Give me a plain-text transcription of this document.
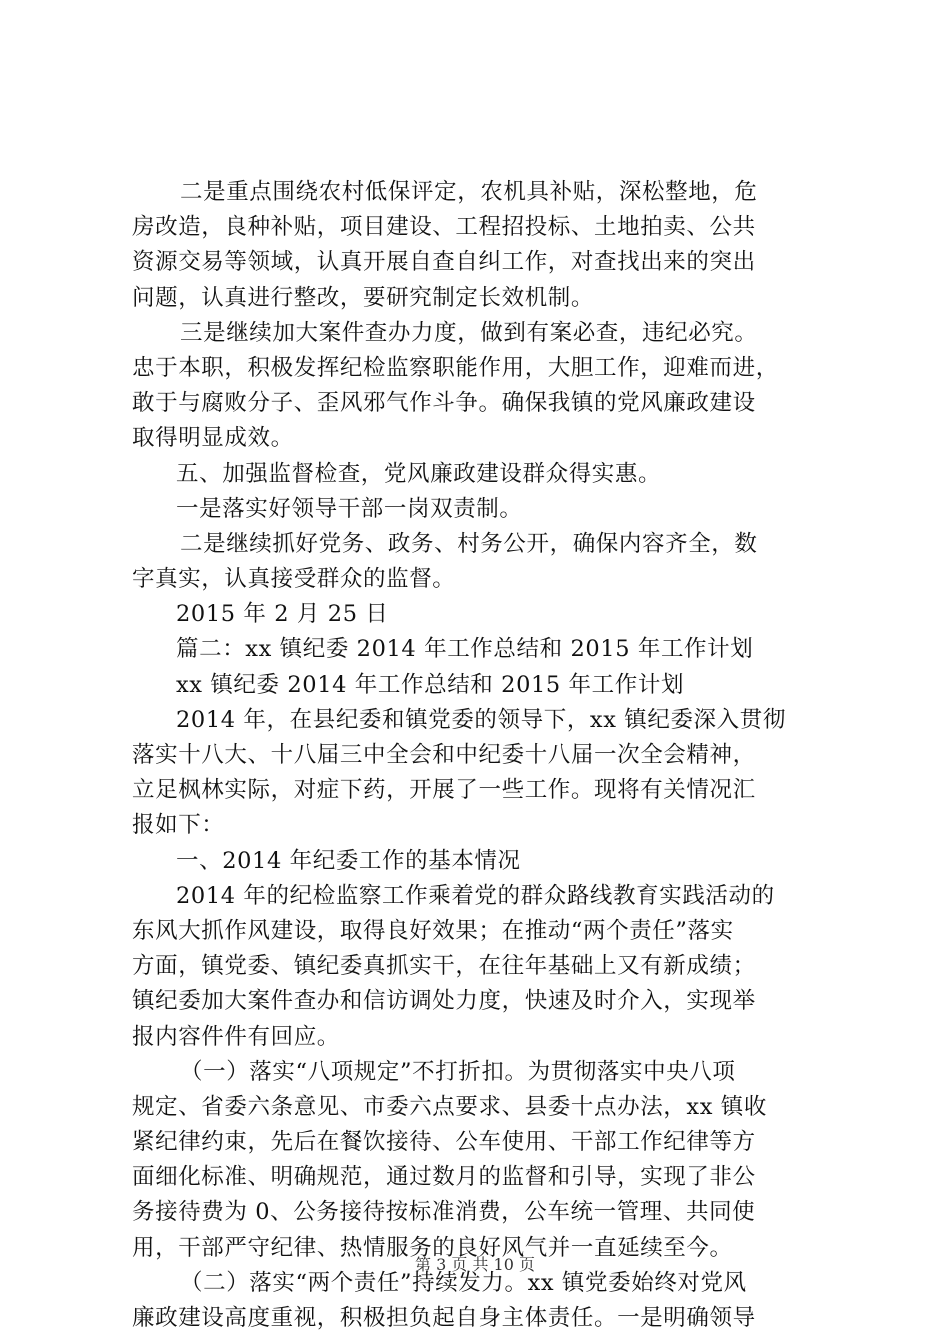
二是重点围绕农村低保评定，农机具补贴，深松整地，危
房改造，良种补贴，项目建设、工程招投标、土地拍卖、公共
资源交易等领域，认真开展自查自纠工作，对查找出来的突出
问题，认真进行整改，要研究制定长效机制。
三是继续加大案件查办力度，做到有案必查，违纪必究。
忠于本职，积极发挥纪检监察职能作用，大胆工作，迎难而进，
敢于与腐败分子、歪风邪气作斗争。确保我镇的党风廉政建设
取得明显成效。
五、加强监督检查，党风廉政建设群众得实惠。
一是落实好领导干部一岗双责制。
二是继续抓好党务、政务、村务公开，确保内容齐全，数
字真实，认真接受群众的监督。
2015 年 2 月 25 日
篇二：xx 镇纪委 2014 年工作总结和 2015 年工作计划
xx 镇纪委 2014 年工作总结和 2015 年工作计划
2014 年，在县纪委和镇党委的领导下，xx 镇纪委深入贯彻
落实十八大、十八届三中全会和中纪委十八届一次全会精神，
立足枫林实际，对症下药，开展了一些工作。现将有关情况汇
报如下：
一、2014 年纪委工作的基本情况
2014 年的纪检监察工作乘着党的群众路线教育实践活动的
东风大抓作风建设，取得良好效果；在推动“两个责任”落实
方面，镇党委、镇纪委真抓实干，在往年基础上又有新成绩；
镇纪委加大案件查办和信访调处力度，快速及时介入，实现举
报内容件件有回应。
（一）落实“八项规定”不打折扣。为贯彻落实中央八项
规定、省委六条意见、市委六点要求、县委十点办法，xx 镇收
紧纪律约束，先后在餐饮接待、公车使用、干部工作纪律等方
面细化标准、明确规范，通过数月的监督和引导，实现了非公
务接待费为 0、公务接待按标准消费，公车统一管理、共同使
用，干部严守纪律、热情服务的良好风气并一直延续至今。
（二）落实“两个责任”持续发力。xx 镇党委始终对党风
廉政建设高度重视，积极担负起自身主体责任。一是明确领导
第 3 页 共 10 页
